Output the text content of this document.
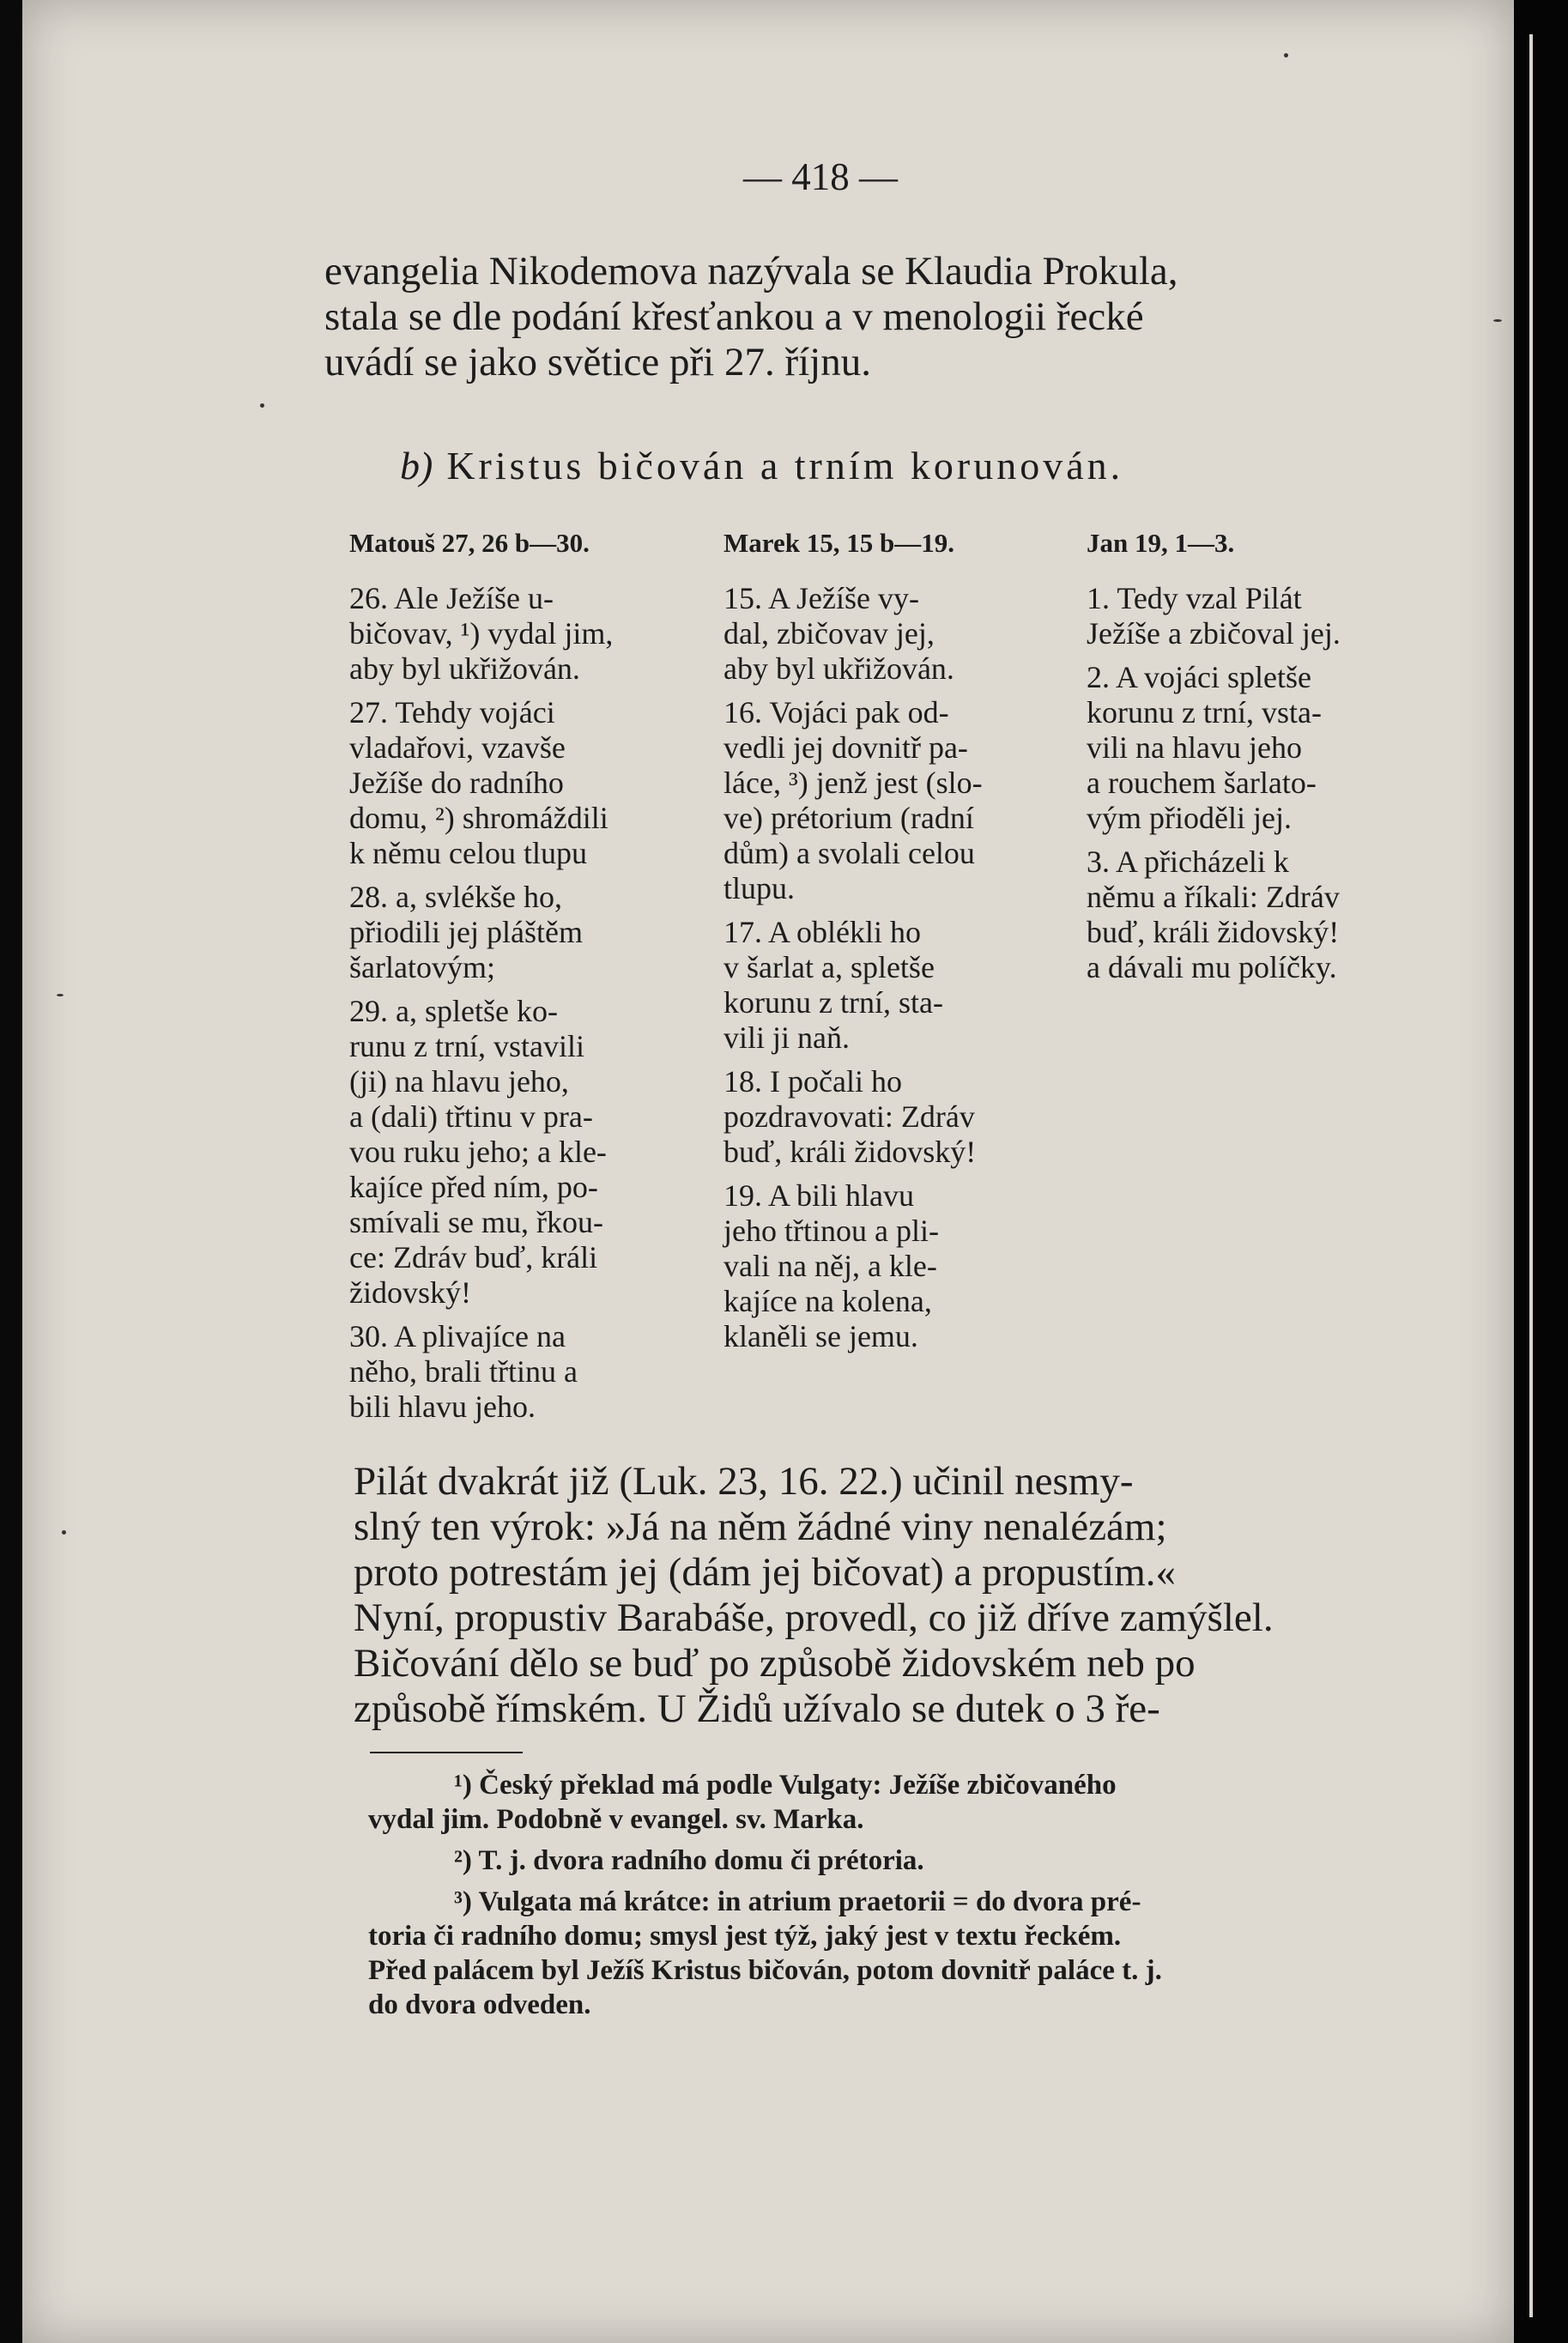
— 418 —
evangelia Nikodemova nazývala se Klaudia Prokula,
stala se dle podání křesťankou a v menologii řecké
uvádí se jako světice při 27. říjnu.
b) Kristus bičován a trním korunován.
Matouš 27, 26 b—30.
26. Ale Ježíše u-
bičovav, ¹) vydal jim,
aby byl ukřižován.
27. Tehdy vojáci
vladařovi, vzavše
Ježíše do radního
domu, ²) shromáždili
k němu celou tlupu
28. a, svlékše ho,
přiodili jej pláštěm
šarlatovým;
29. a, spletše ko-
runu z trní, vstavili
(ji) na hlavu jeho,
a (dali) třtinu v pra-
vou ruku jeho; a kle-
kajíce před ním, po-
smívali se mu, řkou-
ce: Zdráv buď, králi
židovský!
30. A plivajíce na
něho, brali třtinu a
bili hlavu jeho.
Marek 15, 15 b—19.
15. A Ježíše vy-
dal, zbičovav jej,
aby byl ukřižován.
16. Vojáci pak od-
vedli jej dovnitř pa-
láce, ³) jenž jest (slo-
ve) prétorium (radní
dům) a svolali celou
tlupu.
17. A oblékli ho
v šarlat a, spletše
korunu z trní, sta-
vili ji naň.
18. I počali ho
pozdravovati: Zdráv
buď, králi židovský!
19. A bili hlavu
jeho třtinou a pli-
vali na něj, a kle-
kajíce na kolena,
klaněli se jemu.
Jan 19, 1—3.
1. Tedy vzal Pilát
Ježíše a zbičoval jej.
2. A vojáci spletše
korunu z trní, vsta-
vili na hlavu jeho
a rouchem šarlato-
vým přioděli jej.
3. A přicházeli k
němu a říkali: Zdráv
buď, králi židovský!
a dávali mu políčky.
Pilát dvakrát již (Luk. 23, 16. 22.) učinil nesmy-
slný ten výrok: »Já na něm žádné viny nenalézám;
proto potrestám jej (dám jej bičovat) a propustím.«
Nyní, propustiv Barabáše, provedl, co již dříve zamýšlel.
Bičování dělo se buď po způsobě židovském neb po
způsobě římském. U Židů užívalo se dutek o 3 ře-
¹) Český překlad má podle Vulgaty: Ježíše zbičovaného
vydal jim. Podobně v evangel. sv. Marka.
²) T. j. dvora radního domu či prétoria.
³) Vulgata má krátce: in atrium praetorii = do dvora pré-
toria či radního domu; smysl jest týž, jaký jest v textu řeckém.
Před palácem byl Ježíš Kristus bičován, potom dovnitř paláce t. j.
do dvora odveden.
